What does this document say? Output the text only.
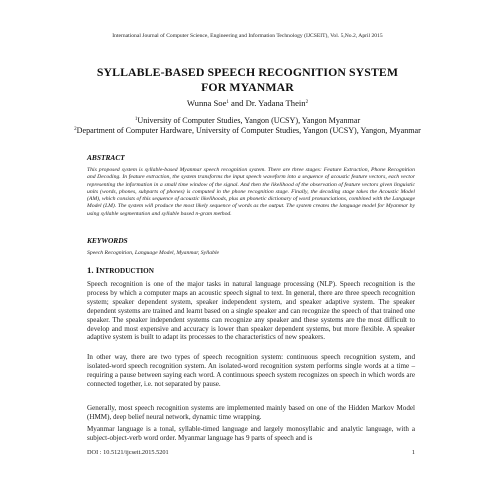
International Journal of Computer Science, Engineering and Information Technology (IJCSEIT), Vol. 5,No.2, April 2015
SYLLABLE-BASED SPEECH RECOGNITION SYSTEM
FOR MYANMAR
Wunna Soe$^1$ and Dr. Yadana Thein$^2$
$^1$University of Computer Studies, Yangon (UCSY), Yangon Myanmar
$^2$Department of Computer Hardware, University of Computer Studies, Yangon (UCSY), Yangon, Myanmar
ABSTRACT
This proposed system is syllable-based Myanmar speech recognition system. There are three stages: Feature Extraction, Phone Recognition and Decoding. In feature extraction, the system transforms the input speech waveform into a sequence of acoustic feature vectors, each vector representing the information in a small time window of the signal. And then the likelihood of the observation of feature vectors given linguistic units (words, phones, subparts of phones) is computed in the phone recognition stage. Finally, the decoding stage takes the Acoustic Model (AM), which consists of this sequence of acoustic likelihoods, plus an phonetic dictionary of word pronunciations, combined with the Language Model (LM). The system will produce the most likely sequence of words as the output. The system creates the language model for Myanmar by using syllable segmentation and syllable based n-gram method.
KEYWORDS
Speech Recognition, Language Model, Myanmar, Syllable
1. INTRODUCTION
Speech recognition is one of the major tasks in natural language processing (NLP). Speech recognition is the process by which a computer maps an acoustic speech signal to text. In general, there are three speech recognition system; speaker dependent system, speaker independent system, and speaker adaptive system. The speaker dependent systems are trained and learnt based on a single speaker and can recognize the speech of that trained one speaker. The speaker independent systems can recognize any speaker and these systems are the most difficult to develop and most expensive and accuracy is lower than speaker dependent systems, but more flexible. A speaker adaptive system is built to adapt its processes to the characteristics of new speakers.
In other way, there are two types of speech recognition system: continuous speech recognition system, and isolated-word speech recognition system. An isolated-word recognition system performs single words at a time – requiring a pause between saying each word. A continuous speech system recognizes on speech in which words are connected together, i.e. not separated by pause.
Generally, most speech recognition systems are implemented mainly based on one of the Hidden Markov Model (HMM), deep belief neural network, dynamic time wrapping.
Myanmar language is a tonal, syllable-timed language and largely monosyllabic and analytic language, with a subject-object-verb word order. Myanmar language has 9 parts of speech and is
DOI : 10.5121/ijcseit.2015.5201	1
